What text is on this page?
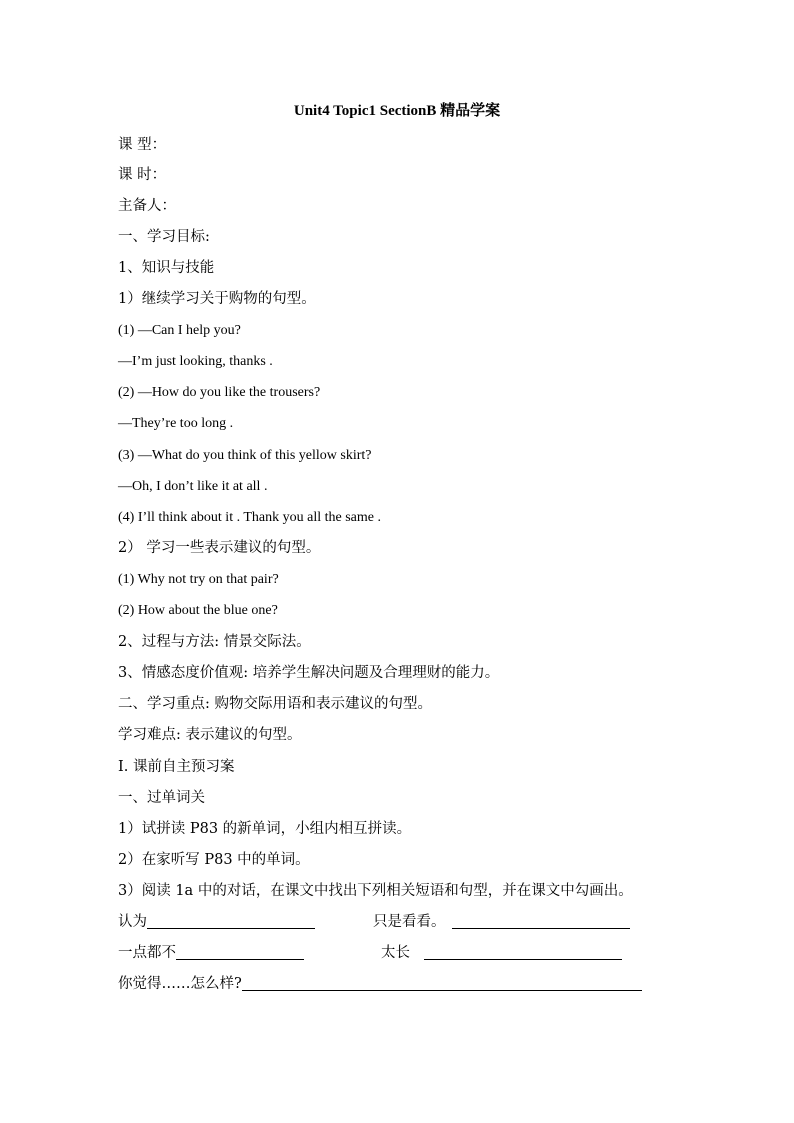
Unit4 Topic1 SectionB 精品学案
课 型：
课 时：
主备人：
一、学习目标:
1、知识与技能
1）继续学习关于购物的句型。
(1) —Can I help you?
—I’m just looking, thanks .
(2) —How do you like the trousers?
—They’re too long .
(3) —What do you think of this yellow skirt?
—Oh, I don’t like it at all .
(4) I’ll think about it . Thank you all the same .
2） 学习一些表示建议的句型。
(1) Why not try on that pair?
(2) How about the blue one?
2、过程与方法: 情景交际法。
3、情感态度价值观: 培养学生解决问题及合理理财的能力。
二、学习重点: 购物交际用语和表示建议的句型。
学习难点: 表示建议的句型。
I. 课前自主预习案
一、过单词关
1）试拼读 P83 的新单词，小组内相互拼读。
2）在家听写 P83 中的单词。
3）阅读 1a 中的对话，在课文中找出下列相关短语和句型，并在课文中勾画出。
认为	只是看看。
一点都不	太长
你觉得……怎么样?
